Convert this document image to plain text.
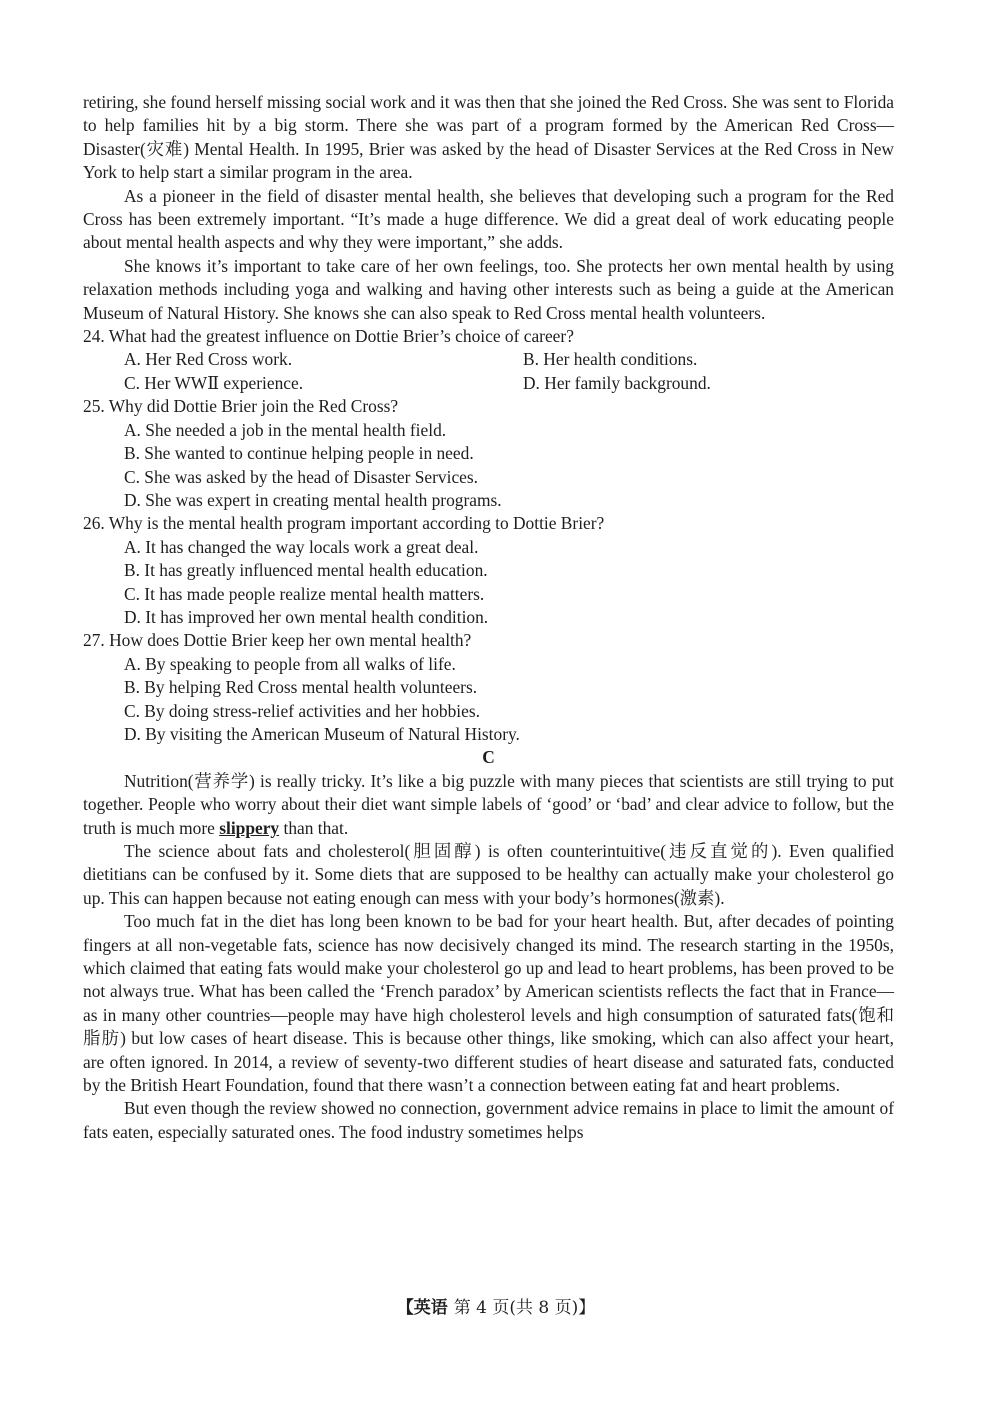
retiring, she found herself missing social work and it was then that she joined the Red Cross. She was sent to Florida to help families hit by a big storm. There she was part of a program formed by the American Red Cross—Disaster(灾难) Mental Health. In 1995, Brier was asked by the head of Disaster Services at the Red Cross in New York to help start a similar program in the area.

As a pioneer in the field of disaster mental health, she believes that developing such a program for the Red Cross has been extremely important. “It’s made a huge difference. We did a great deal of work educating people about mental health aspects and why they were important,” she adds.

She knows it’s important to take care of her own feelings, too. She protects her own mental health by using relaxation methods including yoga and walking and having other interests such as being a guide at the American Museum of Natural History. She knows she can also speak to Red Cross mental health volunteers.

24. What had the greatest influence on Dottie Brier’s choice of career?
A. Her Red Cross work.	B. Her health conditions.
C. Her WWⅡ experience.	D. Her family background.
25. Why did Dottie Brier join the Red Cross?
A. She needed a job in the mental health field.
B. She wanted to continue helping people in need.
C. She was asked by the head of Disaster Services.
D. She was expert in creating mental health programs.
26. Why is the mental health program important according to Dottie Brier?
A. It has changed the way locals work a great deal.
B. It has greatly influenced mental health education.
C. It has made people realize mental health matters.
D. It has improved her own mental health condition.
27. How does Dottie Brier keep her own mental health?
A. By speaking to people from all walks of life.
B. By helping Red Cross mental health volunteers.
C. By doing stress-relief activities and her hobbies.
D. By visiting the American Museum of Natural History.
C

Nutrition(营养学) is really tricky. It’s like a big puzzle with many pieces that scientists are still trying to put together. People who worry about their diet want simple labels of ‘good’ or ‘bad’ and clear advice to follow, but the truth is much more slippery than that.

The science about fats and cholesterol(胆固醇) is often counterintuitive(违反直觉的). Even qualified dietitians can be confused by it. Some diets that are supposed to be healthy can actually make your cholesterol go up. This can happen because not eating enough can mess with your body’s hormones(激素).

Too much fat in the diet has long been known to be bad for your heart health. But, after decades of pointing fingers at all non-vegetable fats, science has now decisively changed its mind. The research starting in the 1950s, which claimed that eating fats would make your cholesterol go up and lead to heart problems, has been proved to be not always true. What has been called the ‘French paradox’ by American scientists reflects the fact that in France—as in many other countries—people may have high cholesterol levels and high consumption of saturated fats(饱和脂肪) but low cases of heart disease. This is because other things, like smoking, which can also affect your heart, are often ignored. In 2014, a review of seventy-two different studies of heart disease and saturated fats, conducted by the British Heart Foundation, found that there wasn’t a connection between eating fat and heart problems.

But even though the review showed no connection, government advice remains in place to limit the amount of fats eaten, especially saturated ones. The food industry sometimes helps

【英语 第 4 页(共 8 页)】
